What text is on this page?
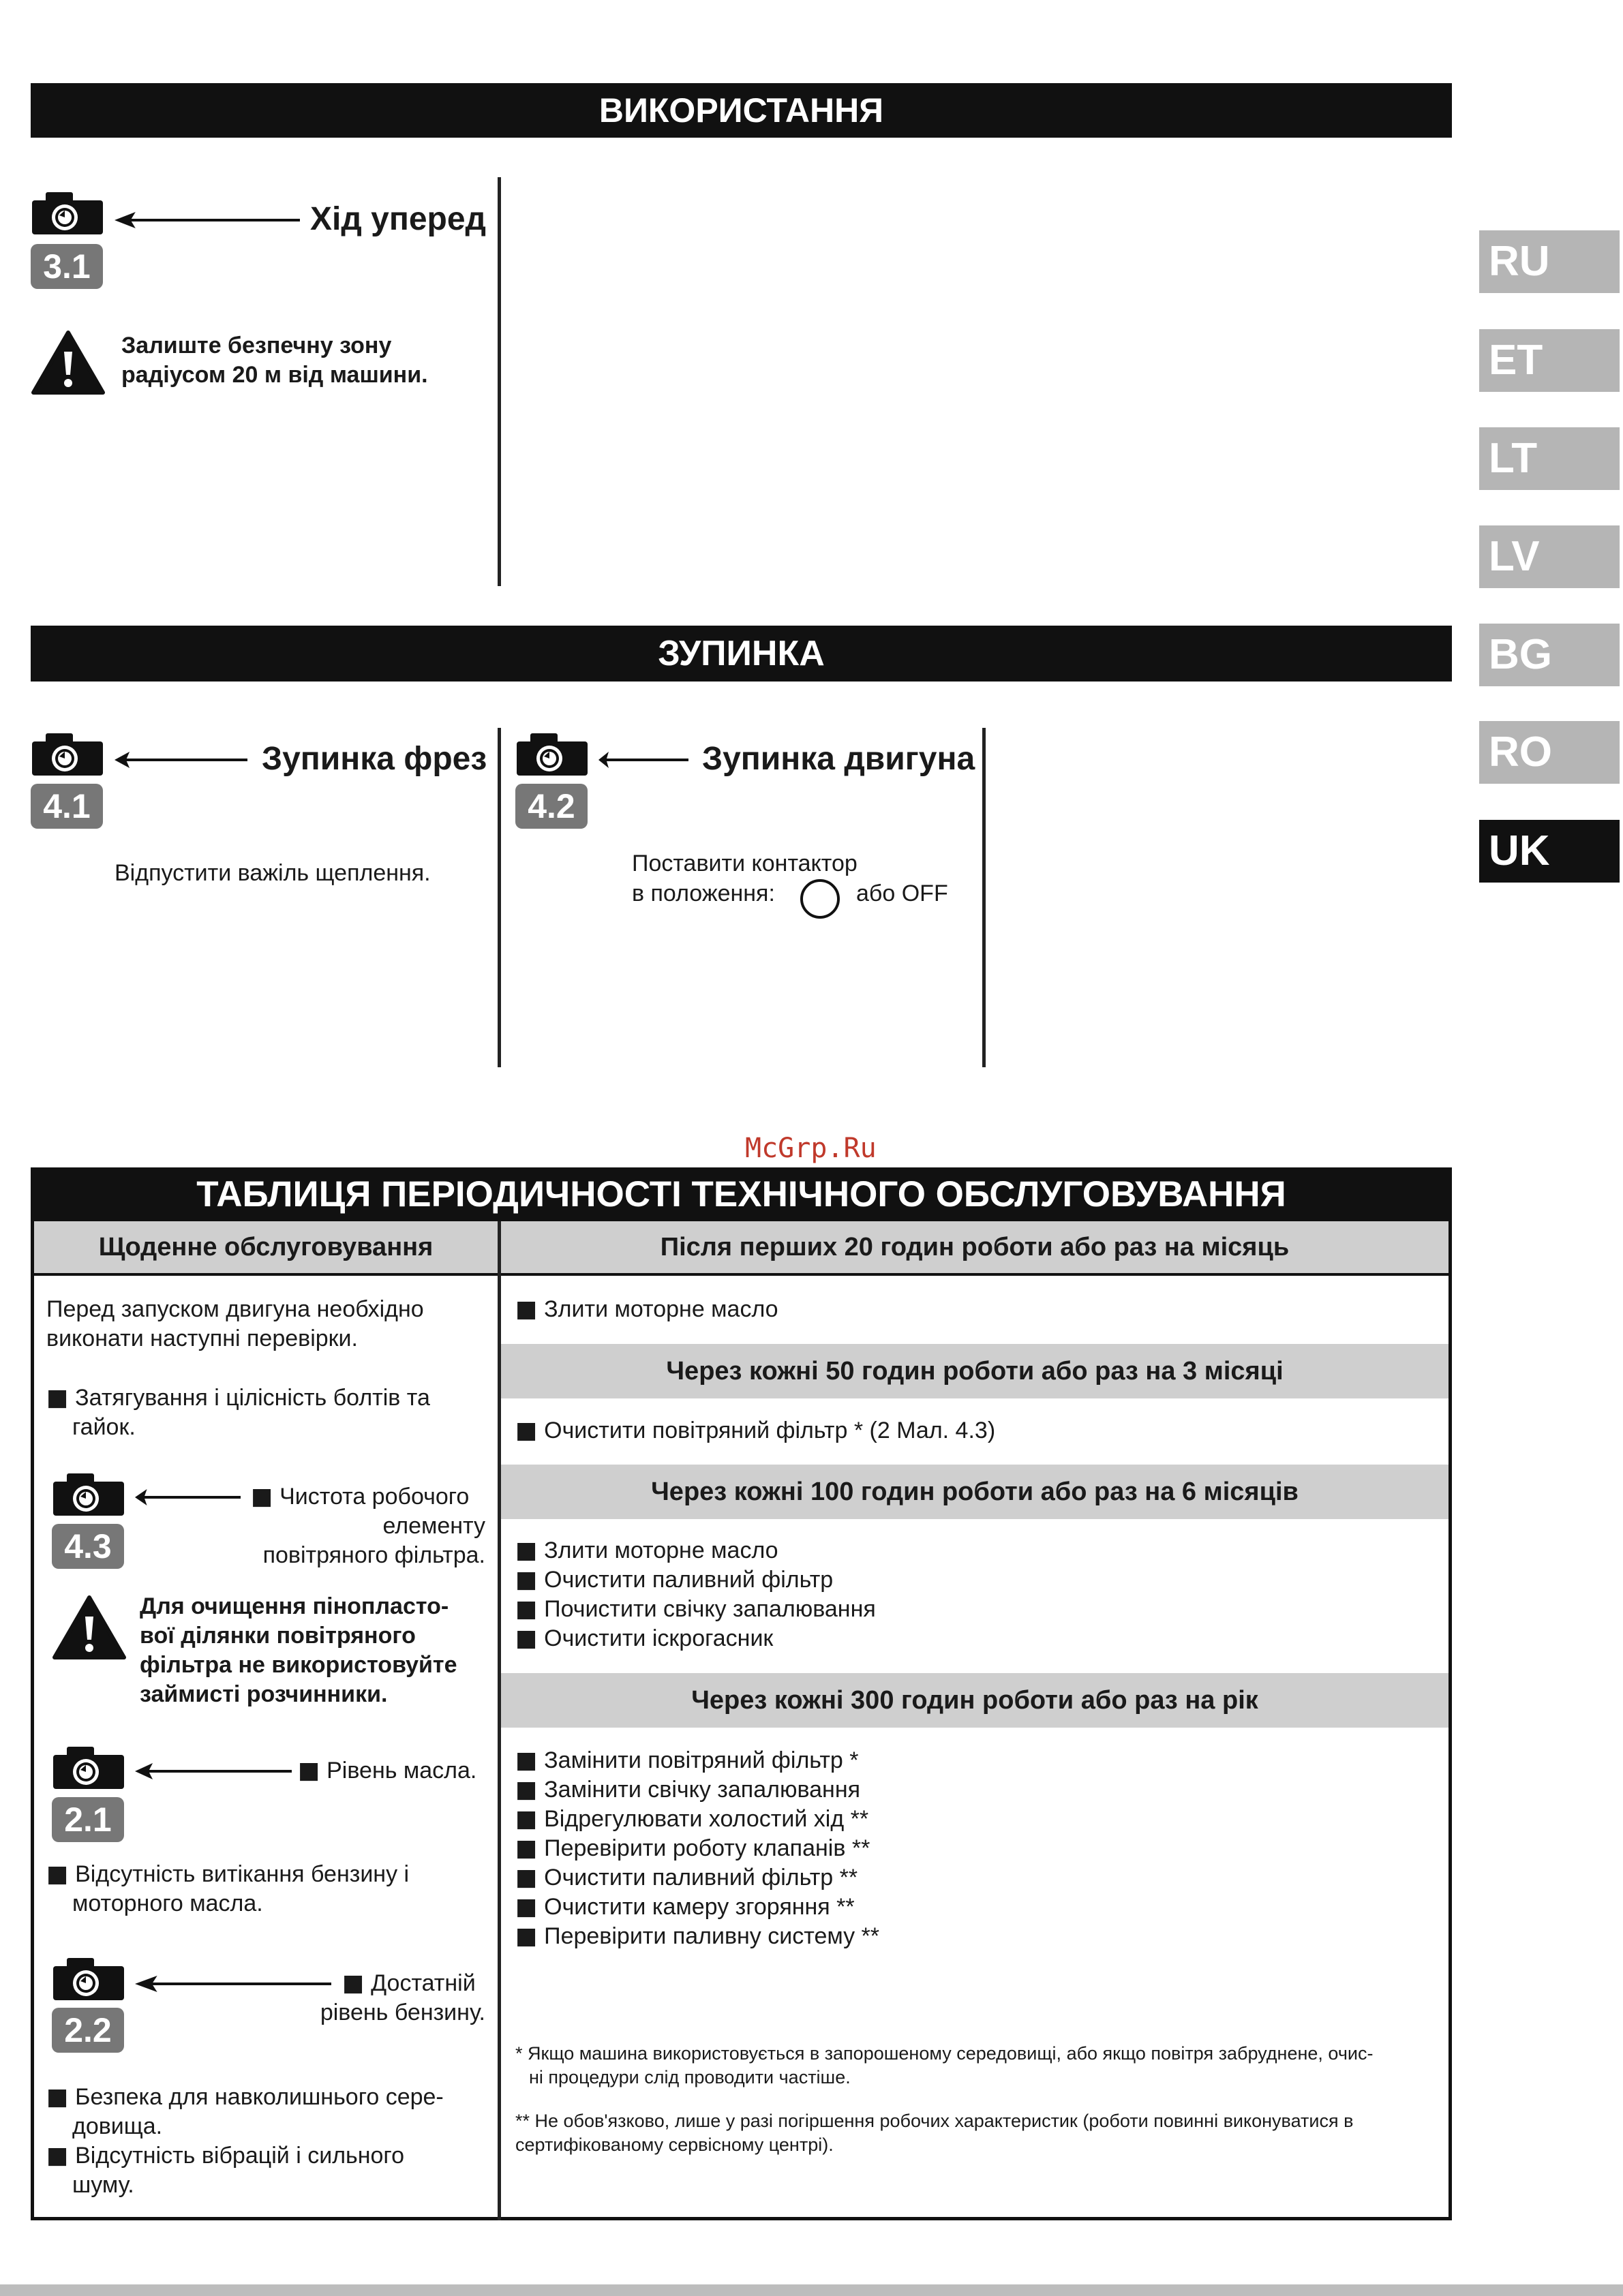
ВИКОРИСТАННЯ
3.1
Хід уперед
Залиште безпечну зону
радіусом 20 м від машини.
RU
ET
LT
LV
BG
RO
UK
ЗУПИНКА
4.1
Зупинка фрез
Відпустити важіль щеплення.
4.2
Зупинка двигуна
Поставити контактор
в положення:	або OFF
McGrp.Ru
ТАБЛИЦЯ ПЕРІОДИЧНОСТІ ТЕХНІЧНОГО ОБСЛУГОВУВАННЯ
Щоденне обслуговування
Перед запуском двигуна необхідно
виконати наступні перевірки.
■ Затягування і цілісність болтів та
гайок.
4.3
■ Чистота робочого
елементу
повітряного фільтра.
Для очищення пінопласто-
вої ділянки повітряного
фільтра не використовуйте
займисті розчинники.
2.1
■ Рівень масла.
■ Відсутність витікання бензину і
моторного масла.
2.2
■ Достатній
рівень бензину.
■ Безпека для навколишнього сере-
довища.
■ Відсутність вібрацій і сильного
шуму.
Після перших 20 годин роботи або раз на місяць
■ Злити моторне масло
Через кожні 50 годин роботи або раз на 3 місяці
■ Очистити повітряний фільтр * (2 Мал. 4.3)
Через кожні 100 годин роботи або раз на 6 місяців
■ Злити моторне масло
■ Очистити паливний фільтр
■ Почистити свічку запалювання
■ Очистити іскрогасник
Через кожні 300 годин роботи або раз на рік
■ Замінити повітряний фільтр *
■ Замінити свічку запалювання
■ Відрегулювати холостий хід **
■ Перевірити роботу клапанів **
■ Очистити паливний фільтр **
■ Очистити камеру згоряння **
■ Перевірити паливну систему **
* Якщо машина використовується в запорошеному середовищі, або якщо повітря забруднене, очис-
ні процедури слід проводити частіше.
** Не обов'язково, лише у разі погіршення робочих характеристик (роботи повинні виконуватися в
сертифікованому сервісному центрі).
